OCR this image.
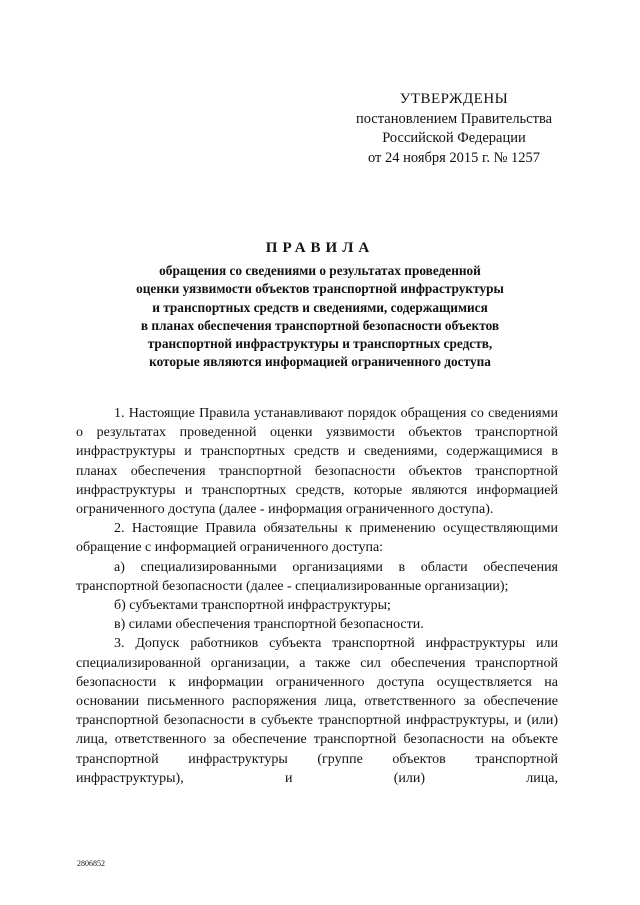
УТВЕРЖДЕНЫ
постановлением Правительства
Российской Федерации
от 24 ноября 2015 г. № 1257
ПРАВИЛА
обращения со сведениями о результатах проведенной
оценки уязвимости объектов транспортной инфраструктуры
и транспортных средств и сведениями, содержащимися
в планах обеспечения транспортной безопасности объектов
транспортной инфраструктуры и транспортных средств,
которые являются информацией ограниченного доступа

1. Настоящие Правила устанавливают порядок обращения со сведениями о результатах проведенной оценки уязвимости объектов транспортной инфраструктуры и транспортных средств и сведениями, содержащимися в планах обеспечения транспортной безопасности объектов транспортной инфраструктуры и транспортных средств, которые являются информацией ограниченного доступа (далее - информация ограниченного доступа).

2. Настоящие Правила обязательны к применению осуществляющими обращение с информацией ограниченного доступа:

а) специализированными организациями в области обеспечения транспортной безопасности (далее - специализированные организации);

б) субъектами транспортной инфраструктуры;

в) силами обеспечения транспортной безопасности.

3. Допуск работников субъекта транспортной инфраструктуры или специализированной организации, а также сил обеспечения транспортной безопасности к информации ограниченного доступа осуществляется на основании письменного распоряжения лица, ответственного за обеспечение транспортной безопасности в субъекте транспортной инфраструктуры, и (или) лица, ответственного за обеспечение транспортной безопасности на объекте транспортной инфраструктуры (группе объектов транспортной инфраструктуры), и (или) лица,

2806852
